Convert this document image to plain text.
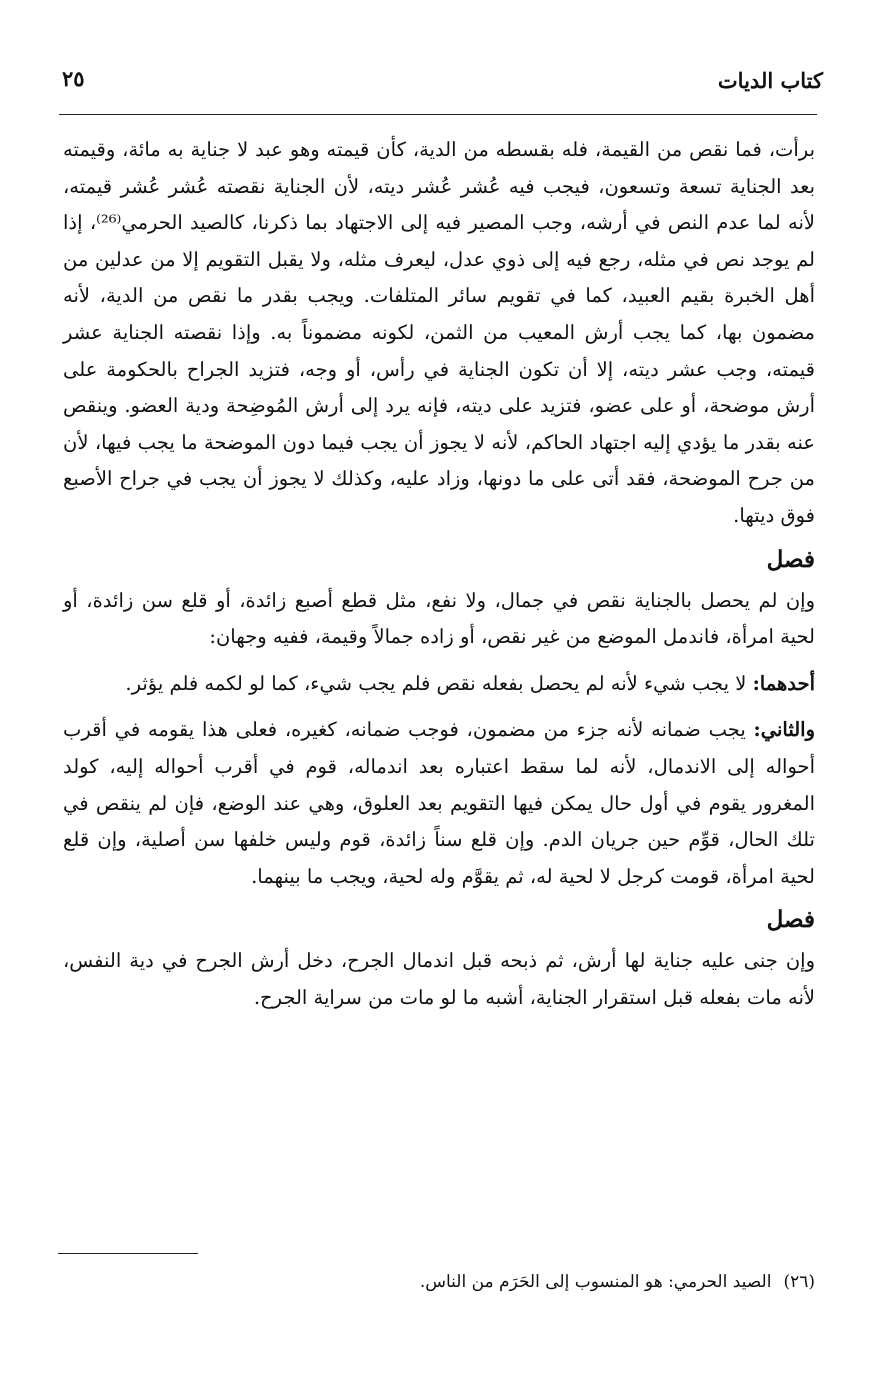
كتاب الديات
٢٥

برأت، فما نقص من القيمة، فله بقسطه من الدية، كأن قيمته وهو عبد لا جناية به مائة، وقيمته بعد الجناية تسعة وتسعون، فيجب فيه عُشر عُشر ديته، لأن الجناية نقصته عُشر عُشر قيمته، لأنه لما عدم النص في أرشه، وجب المصير فيه إلى الاجتهاد بما ذكرنا، كالصيد الحرمي⁽²⁶⁾، إذا لم يوجد نص في مثله، رجع فيه إلى ذوي عدل، ليعرف مثله، ولا يقبل التقويم إلا من عدلين من أهل الخبرة بقيم العبيد، كما في تقويم سائر المتلفات. ويجب بقدر ما نقص من الدية، لأنه مضمون بها، كما يجب أرش المعيب من الثمن، لكونه مضموناً به. وإذا نقصته الجناية عشر قيمته، وجب عشر ديته، إلا أن تكون الجناية في رأس، أو وجه، فتزيد الجراح بالحكومة على أرش موضحة، أو على عضو، فتزيد على ديته، فإنه يرد إلى أرش المُوضِحة ودية العضو. وينقص عنه بقدر ما يؤدي إليه اجتهاد الحاكم، لأنه لا يجوز أن يجب فيما دون الموضحة ما يجب فيها، لأن من جرح الموضحة، فقد أتى على ما دونها، وزاد عليه، وكذلك لا يجوز أن يجب في جراح الأصبع فوق ديتها.

فصل

وإن لم يحصل بالجناية نقص في جمال، ولا نفع، مثل قطع أصبع زائدة، أو قلع سن زائدة، أو لحية امرأة، فاندمل الموضع من غير نقص، أو زاده جمالاً وقيمة، ففيه وجهان:

أحدهما: لا يجب شيء لأنه لم يحصل بفعله نقص فلم يجب شيء، كما لو لكمه فلم يؤثر.

والثاني: يجب ضمانه لأنه جزء من مضمون، فوجب ضمانه، كغيره، فعلى هذا يقومه في أقرب أحواله إلى الاندمال، لأنه لما سقط اعتباره بعد اندماله، قوم في أقرب أحواله إليه، كولد المغرور يقوم في أول حال يمكن فيها التقويم بعد العلوق، وهي عند الوضع، فإن لم ينقص في تلك الحال، قوِّم حين جريان الدم. وإن قلع سناً زائدة، قوم وليس خلفها سن أصلية، وإن قلع لحية امرأة، قومت كرجل لا لحية له، ثم يقوَّم وله لحية، ويجب ما بينهما.

فصل

وإن جنى عليه جناية لها أرش، ثم ذبحه قبل اندمال الجرح، دخل أرش الجرح في دية النفس، لأنه مات بفعله قبل استقرار الجناية، أشبه ما لو مات من سراية الجرح.

(٢٦)الصيد الحرمي: هو المنسوب إلى الحَرَم من الناس.
